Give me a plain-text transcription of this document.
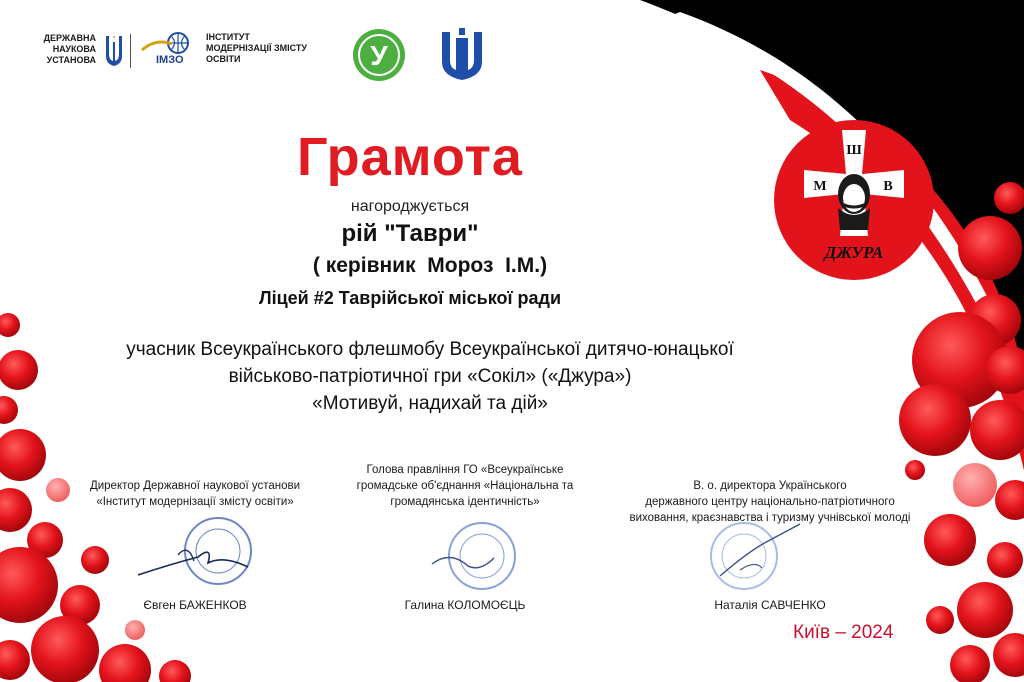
ДЕРЖАВНА
НАУКОВА
УСТАНОВА	ІМЗО
ІНСТИТУТ
МОДЕРНІЗАЦІЇ ЗМІСТУ
ОСВІТИ	У
Грамота
нагороджується
рій "Таври"
( керівник  Мороз  І.М.)
Ліцей #2 Таврійської міської ради
учасник Всеукраїнського флешмобу Всеукраїнської дитячо-юнацької
військово-патріотичної гри «Сокіл» («Джура»)
«Мотивуй, надихай та дій»
Ш
М	В
ДЖУРА
Директор Державної наукової установи
«Інститут модернізації змісту освіти»
Євген БАЖЕНКОВ
Голова правління ГО «Всеукраїнське
громадське об'єднання «Національна та
громадянська ідентичність»
Галина КОЛОМОЄЦЬ
В. о. директора Українського
державного центру національно-патріотичного
виховання, краєзнавства і туризму учнівської молоді
Наталія САВЧЕНКО
Київ – 2024
